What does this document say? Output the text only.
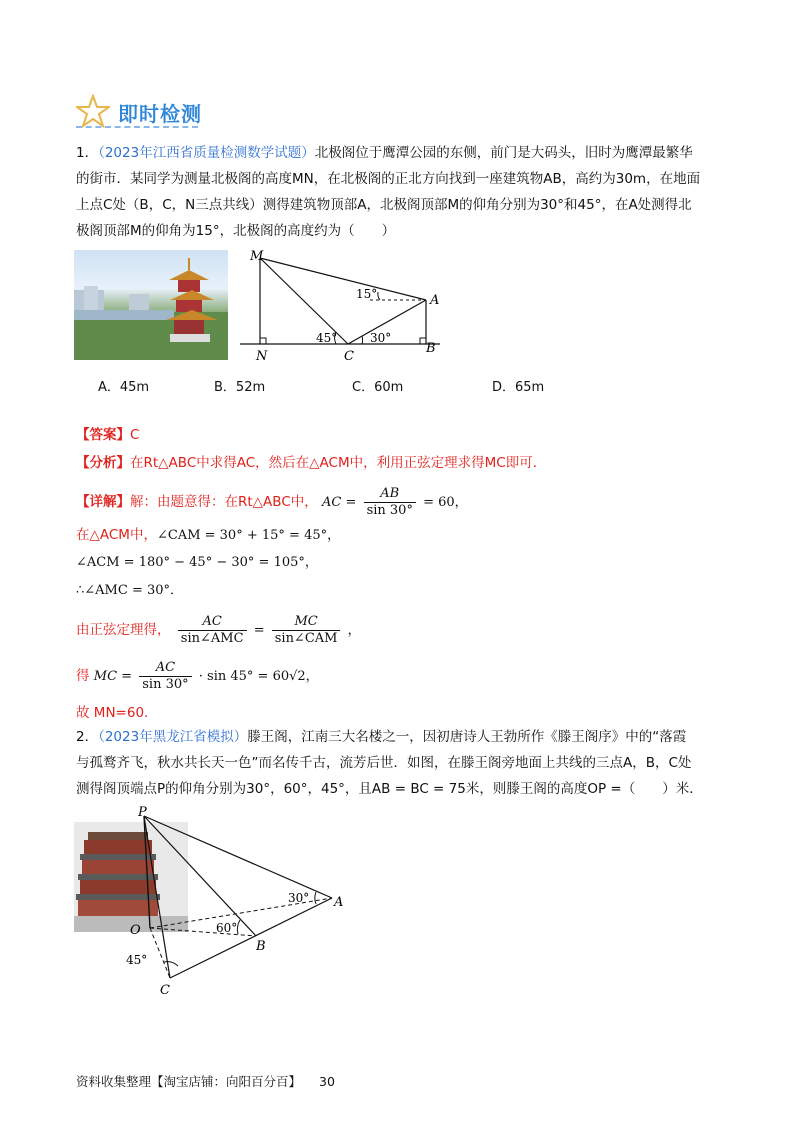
即时检测
1．（2023年江西省质量检测数学试题）北极阁位于鹰潭公园的东侧，前门是大码头，旧时为鹰潭最繁华
的街市．某同学为测量北极阁的高度MN，在北极阁的正北方向找到一座建筑物AB，高约为30m，在地面
上点C处（B，C，N三点共线）测得建筑物顶部A，北极阁顶部M的仰角分别为30°和45°，在A处测得北
极阁顶部M的仰角为15°，北极阁的高度约为（　　）
M
A
N	C
B
15°
45°	30°
A．45m	B．52m	C．60m	D．65m
【答案】C
【分析】在Rt△ABC中求得AC，然后在△ACM中，利用正弦定理求得MC即可．
【详解】解：由题意得：在Rt△ABC中， AC = $\frac{AB}{\sin 30^\circ} = 60$，
在△ACM中，∠CAM = 30° + 15° = 45°，
∠ACM = 180° − 45° − 30° = 105°，
∴∠AMC = 30°．
由正弦定理得， $\frac{AC}{\text{sin∠AMC}} = \frac{MC}{\text{sin∠CAM}}$ ，
得 MC = $\frac{AC}{\sin 30^\circ} \cdot \sin 45^\circ = 60√2$，
故 MN=60.
2．（2023年黑龙江省模拟）滕王阁，江南三大名楼之一，因初唐诗人王勃所作《滕王阁序》中的“落霞
与孤鹜齐飞，秋水共长天一色”而名传千古，流芳后世．如图，在滕王阁旁地面上共线的三点A，B，C处
测得阁顶端点P的仰角分别为30°，60°，45°，且AB = BC = 75米，则滕王阁的高度OP =（　　）米．
P
O
A
B
C
30°
60°
45°
资料收集整理【淘宝店铺：向阳百分百】 30
